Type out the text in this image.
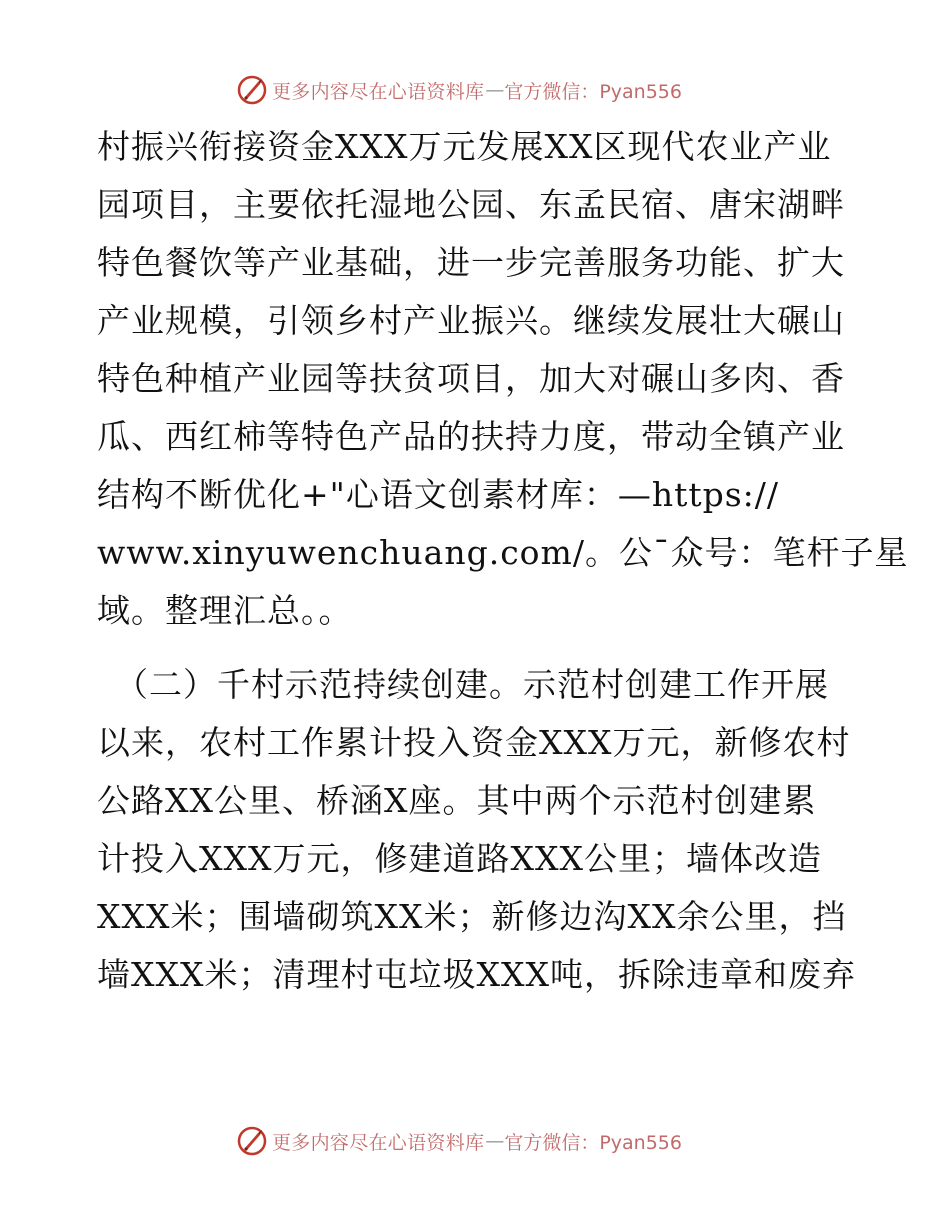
更多内容尽在心语资料库 — 官方微信：Pyan556
村振兴衔接资金XXX万元发展XX区现代农业产业
园项目，主要依托湿地公园、东孟民宿、唐宋湖畔
特色餐饮等产业基础，进一步完善服务功能、扩大
产业规模，引领乡村产业振兴。继续发展壮大碾山
特色种植产业园等扶贫项目，加大对碾山多肉、香
瓜、西红柿等特色产品的扶持力度，带动全镇产业
结构不断优化+"心语文创素材库：—https://
www.xinyuwenchuang.com/。公¯众号：笔杆子星
域。整理汇总。。
（二）千村示范持续创建。示范村创建工作开展
以来，农村工作累计投入资金XXX万元，新修农村
公路XX公里、桥涵X座。其中两个示范村创建累
计投入XXX万元，修建道路XXX公里；墙体改造
XXX米；围墙砌筑XX米；新修边沟XX余公里，挡
墙XXX米；清理村屯垃圾XXX吨，拆除违章和废弃
更多内容尽在心语资料库 — 官方微信：Pyan556
